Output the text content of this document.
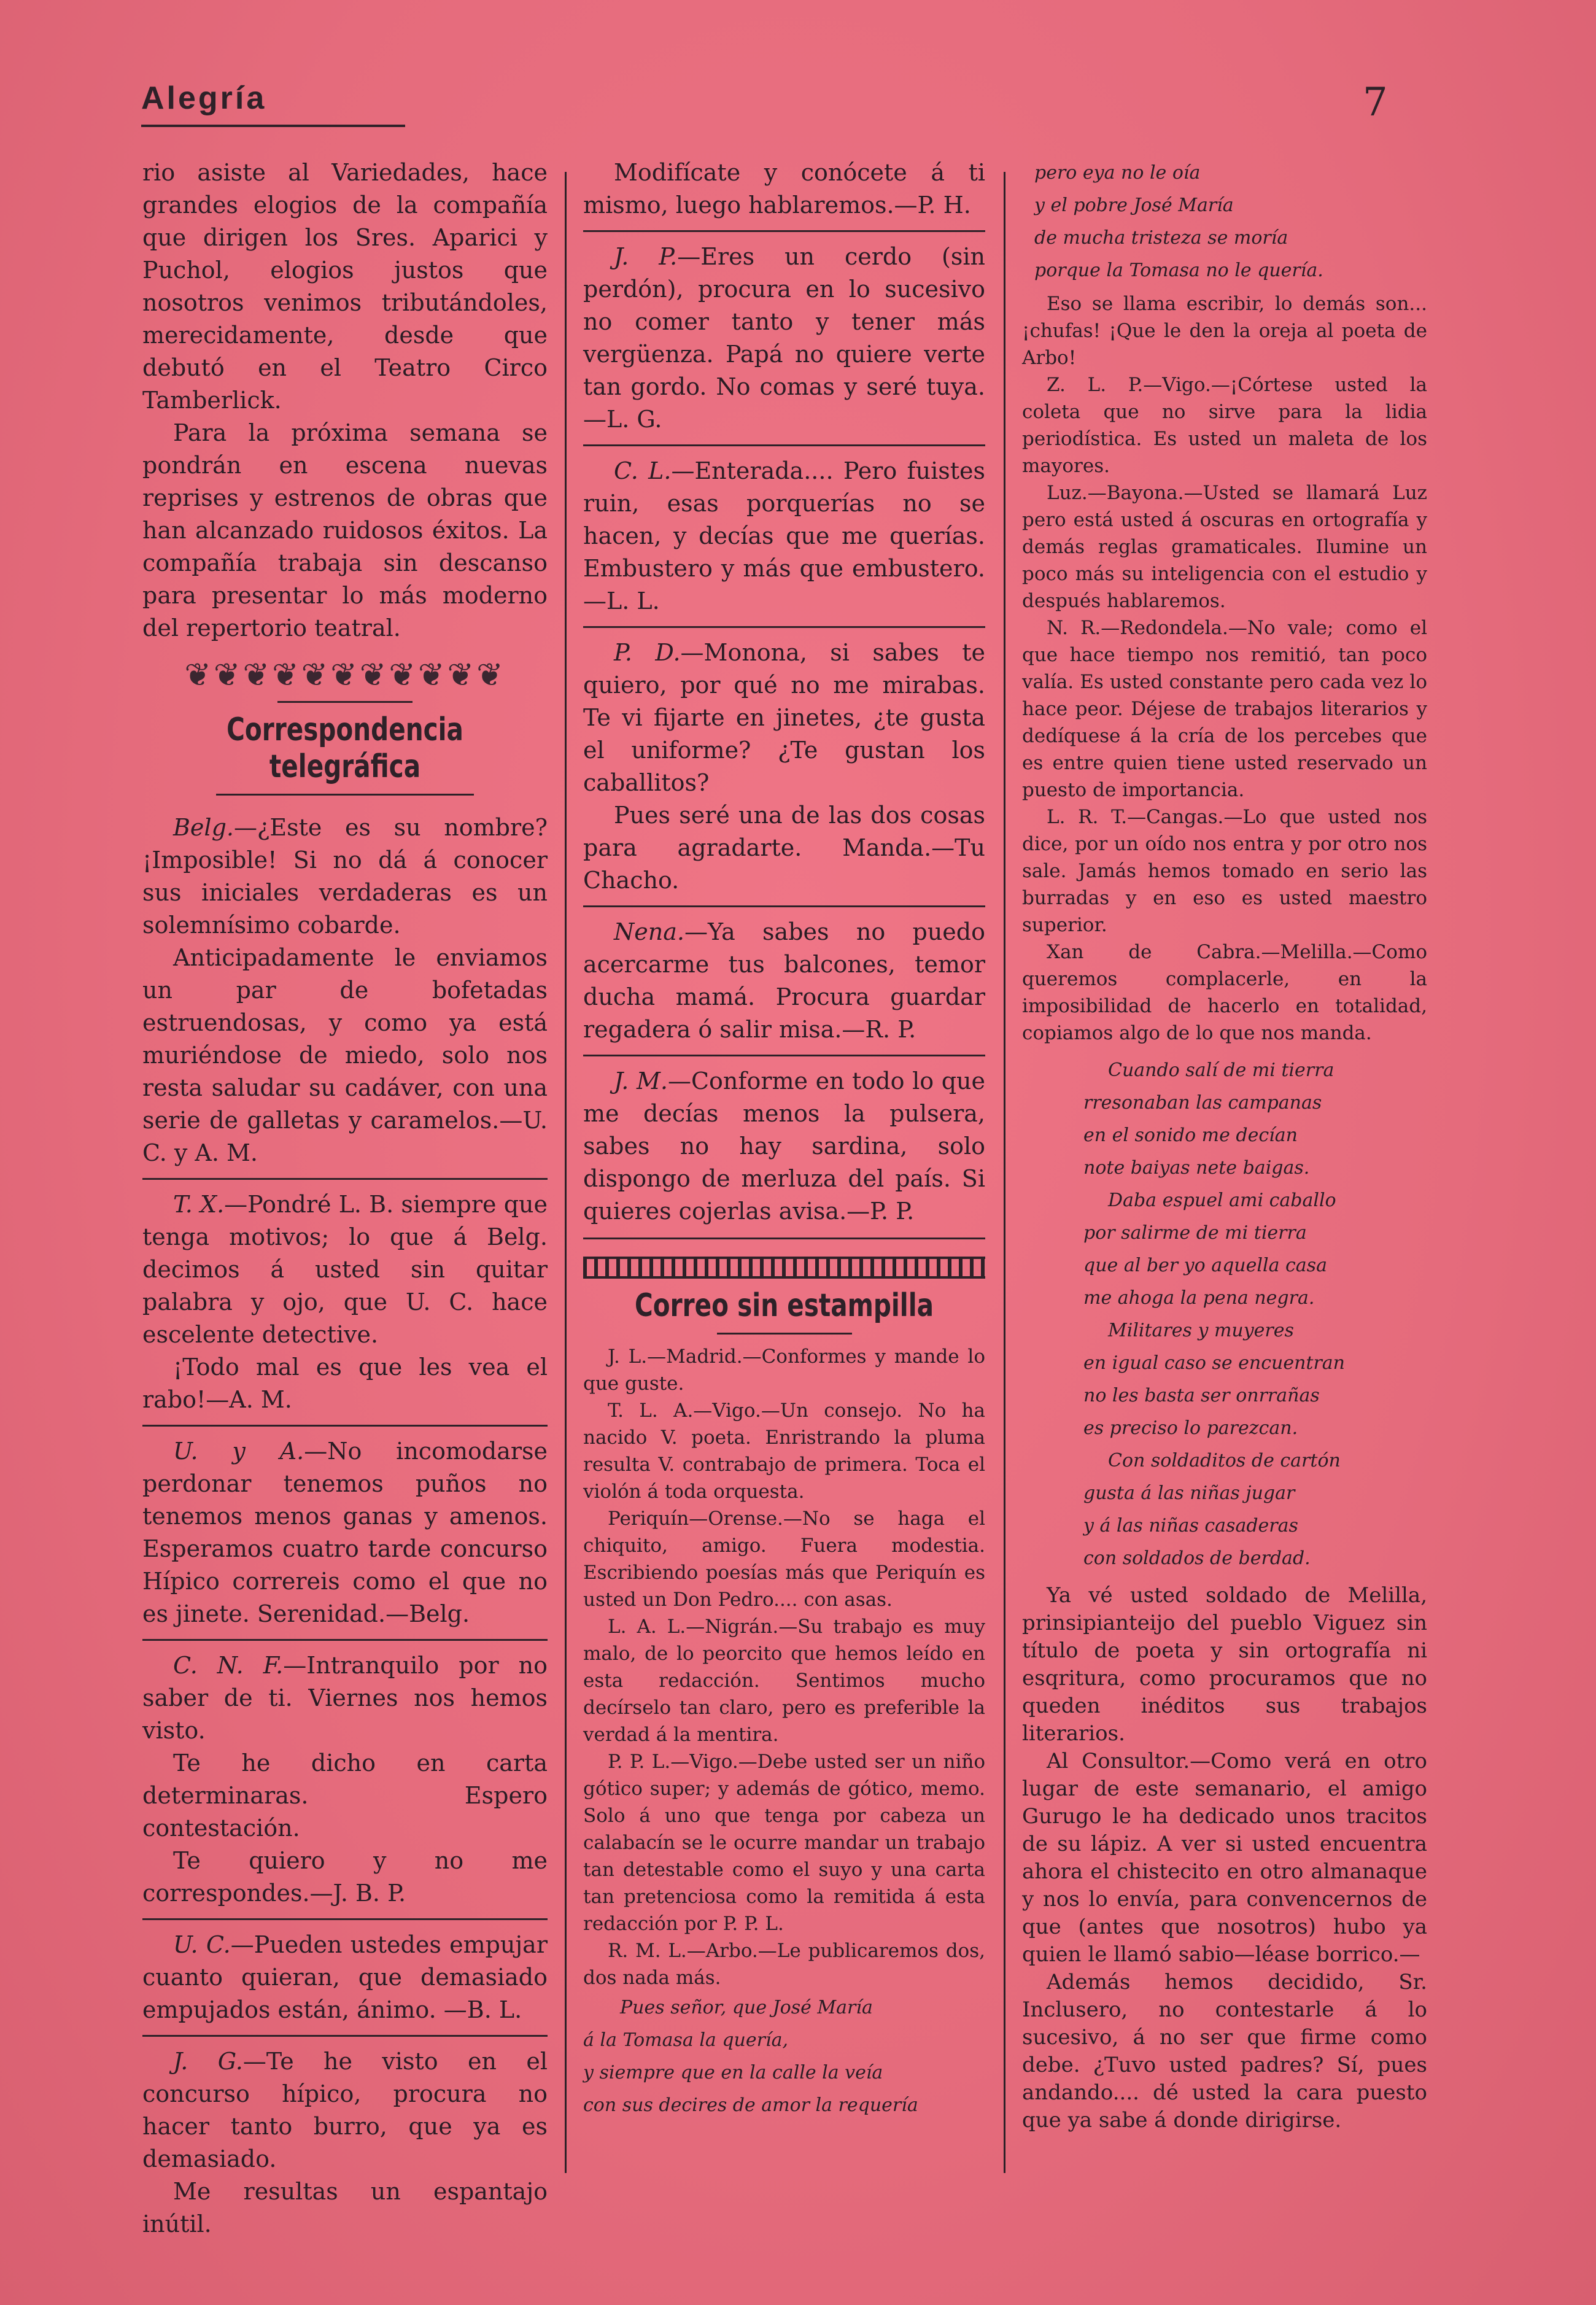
Alegría	7

rio asiste al Variedades, hace grandes elogios de la compañía que dirigen los Sres. Aparici y Puchol, elogios justos que nosotros venimos tributándoles, merecidamente, desde que debutó en el Teatro Circo Tamberlick.

Para la próxima semana se pondrán en escena nuevas reprises y estrenos de obras que han alcanzado ruidosos éxitos. La compañía trabaja sin descanso para presentar lo más moderno del repertorio teatral.

❦❦❦❦❦❦❦❦❦❦❦
Correspondencia telegráfica

Belg.—¿Este es su nombre? ¡Imposible! Si no dá á conocer sus iniciales verdaderas es un solemnísimo cobarde.

Anticipadamente le enviamos un par de bofetadas estruendosas, y como ya está muriéndose de miedo, solo nos resta saludar su cadáver, con una serie de galletas y caramelos.—U. C. y A. M.

T. X.—Pondré L. B. siempre que tenga motivos; lo que á Belg. decimos á usted sin quitar palabra y ojo, que U. C. hace escelente detective.

¡Todo mal es que les vea el rabo!—A. M.

U. y A.—No incomodarse perdonar tenemos puños no tenemos menos ganas y amenos. Esperamos cuatro tarde concurso Hípico correreis como el que no es jinete. Serenidad.—Belg.

C. N. F.—Intranquilo por no saber de ti. Viernes nos hemos visto.

Te he dicho en carta determinaras. Espero contestación.

Te quiero y no me correspondes.—J. B. P.

U. C.—Pueden ustedes empujar cuanto quieran, que demasiado empujados están, ánimo. —B. L.

J. G.—Te he visto en el concurso hípico, procura no hacer tanto burro, que ya es demasiado.

Me resultas un espantajo inútil.

Modifícate y conócete á ti mismo, luego hablaremos.—P. H.

J. P.—Eres un cerdo (sin perdón), procura en lo sucesivo no comer tanto y tener más vergüenza. Papá no quiere verte tan gordo. No comas y seré tuya.—L. G.

C. L.—Enterada.... Pero fuistes ruin, esas porquerías no se hacen, y decías que me querías. Embustero y más que embustero.—L. L.

P. D.—Monona, si sabes te quiero, por qué no me mirabas. Te vi fijarte en jinetes, ¿te gusta el uniforme? ¿Te gustan los caballitos?

Pues seré una de las dos cosas para agradarte. Manda.—Tu Chacho.

Nena.—Ya sabes no puedo acercarme tus balcones, temor ducha mamá. Procura guardar regadera ó salir misa.—R. P.

J. M.—Conforme en todo lo que me decías menos la pulsera, sabes no hay sardina, solo dispongo de merluza del país. Si quieres cojerlas avisa.—P. P.

Correo sin estampilla

J. L.—Madrid.—Conformes y mande lo que guste.

T. L. A.—Vigo.—Un consejo. No ha nacido V. poeta. Enristrando la pluma resulta V. contrabajo de primera. Toca el violón á toda orquesta.

Periquín—Orense.—No se haga el chiquito, amigo. Fuera modestia. Escribiendo poesías más que Periquín es usted un Don Pedro.... con asas.

L. A. L.—Nigrán.—Su trabajo es muy malo, de lo peorcito que hemos leído en esta redacción. Sentimos mucho decírselo tan claro, pero es preferible la verdad á la mentira.

P. P. L.—Vigo.—Debe usted ser un niño gótico super; y además de gótico, memo. Solo á uno que tenga por cabeza un calabacín se le ocurre mandar un trabajo tan detestable como el suyo y una carta tan pretenciosa como la remitida á esta redacción por P. P. L.

R. M. L.—Arbo.—Le publicaremos dos, dos nada más.

Pues señor, que José María

á la Tomasa la quería,

y siempre que en la calle la veía

con sus decires de amor la requería

pero eya no le oía

y el pobre José María

de mucha tristeza se moría

porque la Tomasa no le quería.

Eso se llama escribir, lo demás son... ¡chufas! ¡Que le den la oreja al poeta de Arbo!

Z. L. P.—Vigo.—¡Córtese usted la coleta que no sirve para la lidia periodística. Es usted un maleta de los mayores.

Luz.—Bayona.—Usted se llamará Luz pero está usted á oscuras en ortografía y demás reglas gramaticales. Ilumine un poco más su inteligencia con el estudio y después hablaremos.

N. R.—Redondela.—No vale; como el que hace tiempo nos remitió, tan poco valía. Es usted constante pero cada vez lo hace peor. Déjese de trabajos literarios y dedíquese á la cría de los percebes que es entre quien tiene usted reservado un puesto de importancia.

L. R. T.—Cangas.—Lo que usted nos dice, por un oído nos entra y por otro nos sale. Jamás hemos tomado en serio las burradas y en eso es usted maestro superior.

Xan de Cabra.—Melilla.—Como queremos complacerle, en la imposibilidad de hacerlo en totalidad, copiamos algo de lo que nos manda.

Cuando salí de mi tierra

rresonaban las campanas

en el sonido me decían

note baiyas nete baigas.

Daba espuel ami caballo

por salirme de mi tierra

que al ber yo aquella casa

me ahoga la pena negra.

Militares y muyeres

en igual caso se encuentran

no les basta ser onrrañas

es preciso lo parezcan.

Con soldaditos de cartón

gusta á las niñas jugar

y á las niñas casaderas

con soldados de berdad.

Ya vé usted soldado de Melilla, prinsipianteijo del pueblo Viguez sin título de poeta y sin ortografía ni esqritura, como procuramos que no queden inéditos sus trabajos literarios.

Al Consultor.—Como verá en otro lugar de este semanario, el amigo Gurugo le ha dedicado unos tracitos de su lápiz. A ver si usted encuentra ahora el chistecito en otro almanaque y nos lo envía, para convencernos de que (antes que nosotros) hubo ya quien le llamó sabio—léase borrico.—

Además hemos decidido, Sr. Inclusero, no contestarle á lo sucesivo, á no ser que firme como debe. ¿Tuvo usted padres? Sí, pues andando.... dé usted la cara puesto que ya sabe á donde dirigirse.
